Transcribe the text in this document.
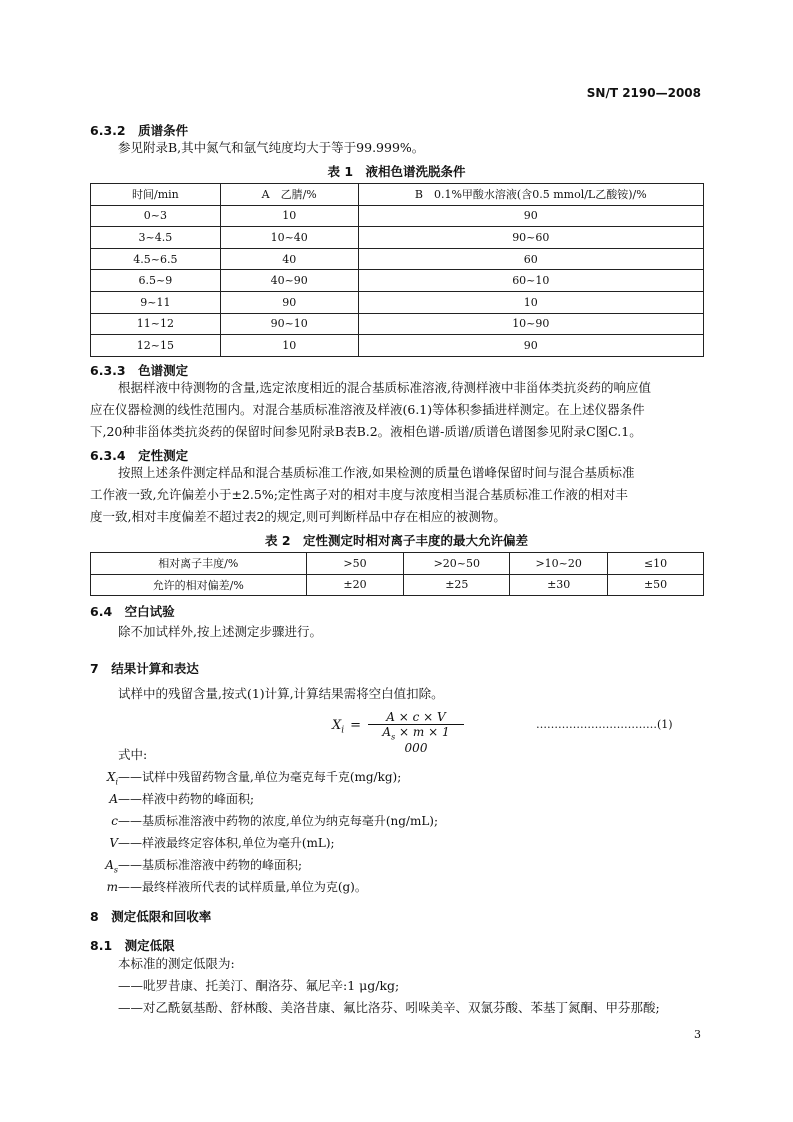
SN/T 2190—2008
6.3.2　质谱条件
参见附录B,其中氮气和氩气纯度均大于等于99.999%。
表 1　液相色谱洗脱条件
时间/min	A　乙腈/%	B　0.1%甲酸水溶液(含0.5 mmol/L乙酸铵)/%
0~3	10	90
3~4.5	10~40	90~60
4.5~6.5	40	60
6.5~9	40~90	60~10
9~11	90	10
11~12	90~10	10~90
12~15	10	90
6.3.3　色谱测定
根据样液中待测物的含量,选定浓度相近的混合基质标准溶液,待测样液中非甾体类抗炎药的响应值
应在仪器检测的线性范围内。对混合基质标准溶液及样液(6.1)等体积参插进样测定。在上述仪器条件
下,20种非甾体类抗炎药的保留时间参见附录B表B.2。液相色谱-质谱/质谱色谱图参见附录C图C.1。
6.3.4　定性测定
按照上述条件测定样品和混合基质标准工作液,如果检测的质量色谱峰保留时间与混合基质标准
工作液一致,允许偏差小于±2.5%;定性离子对的相对丰度与浓度相当混合基质标准工作液的相对丰
度一致,相对丰度偏差不超过表2的规定,则可判断样品中存在相应的被测物。
表 2　定性测定时相对离子丰度的最大允许偏差
相对离子丰度/%	>50	>20~50	>10~20	≤10
允许的相对偏差/%	±20	±25	±30	±50
6.4　空白试验
除不加试样外,按上述测定步骤进行。
7　结果计算和表达
试样中的残留含量,按式(1)计算,计算结果需将空白值扣除。
$X_i = \frac{A \times c \times V}{A_s \times m \times 1 000}$	……………………………(1)
式中:
$X_i——$试样中残留药物含量,单位为毫克每千克(mg/kg);
A——样液中药物的峰面积;
c——基质标准溶液中药物的浓度,单位为纳克每毫升(ng/mL);
V——样液最终定容体积,单位为毫升(mL);
$A_s——$基质标准溶液中药物的峰面积;
m——最终样液所代表的试样质量,单位为克(g)。
8　测定低限和回收率
8.1　测定低限
本标准的测定低限为:
——吡罗昔康、托美汀、酮洛芬、氟尼辛:1 μg/kg;
——对乙酰氨基酚、舒林酸、美洛昔康、氟比洛芬、吲哚美辛、双氯芬酸、苯基丁氮酮、甲芬那酸;
3
